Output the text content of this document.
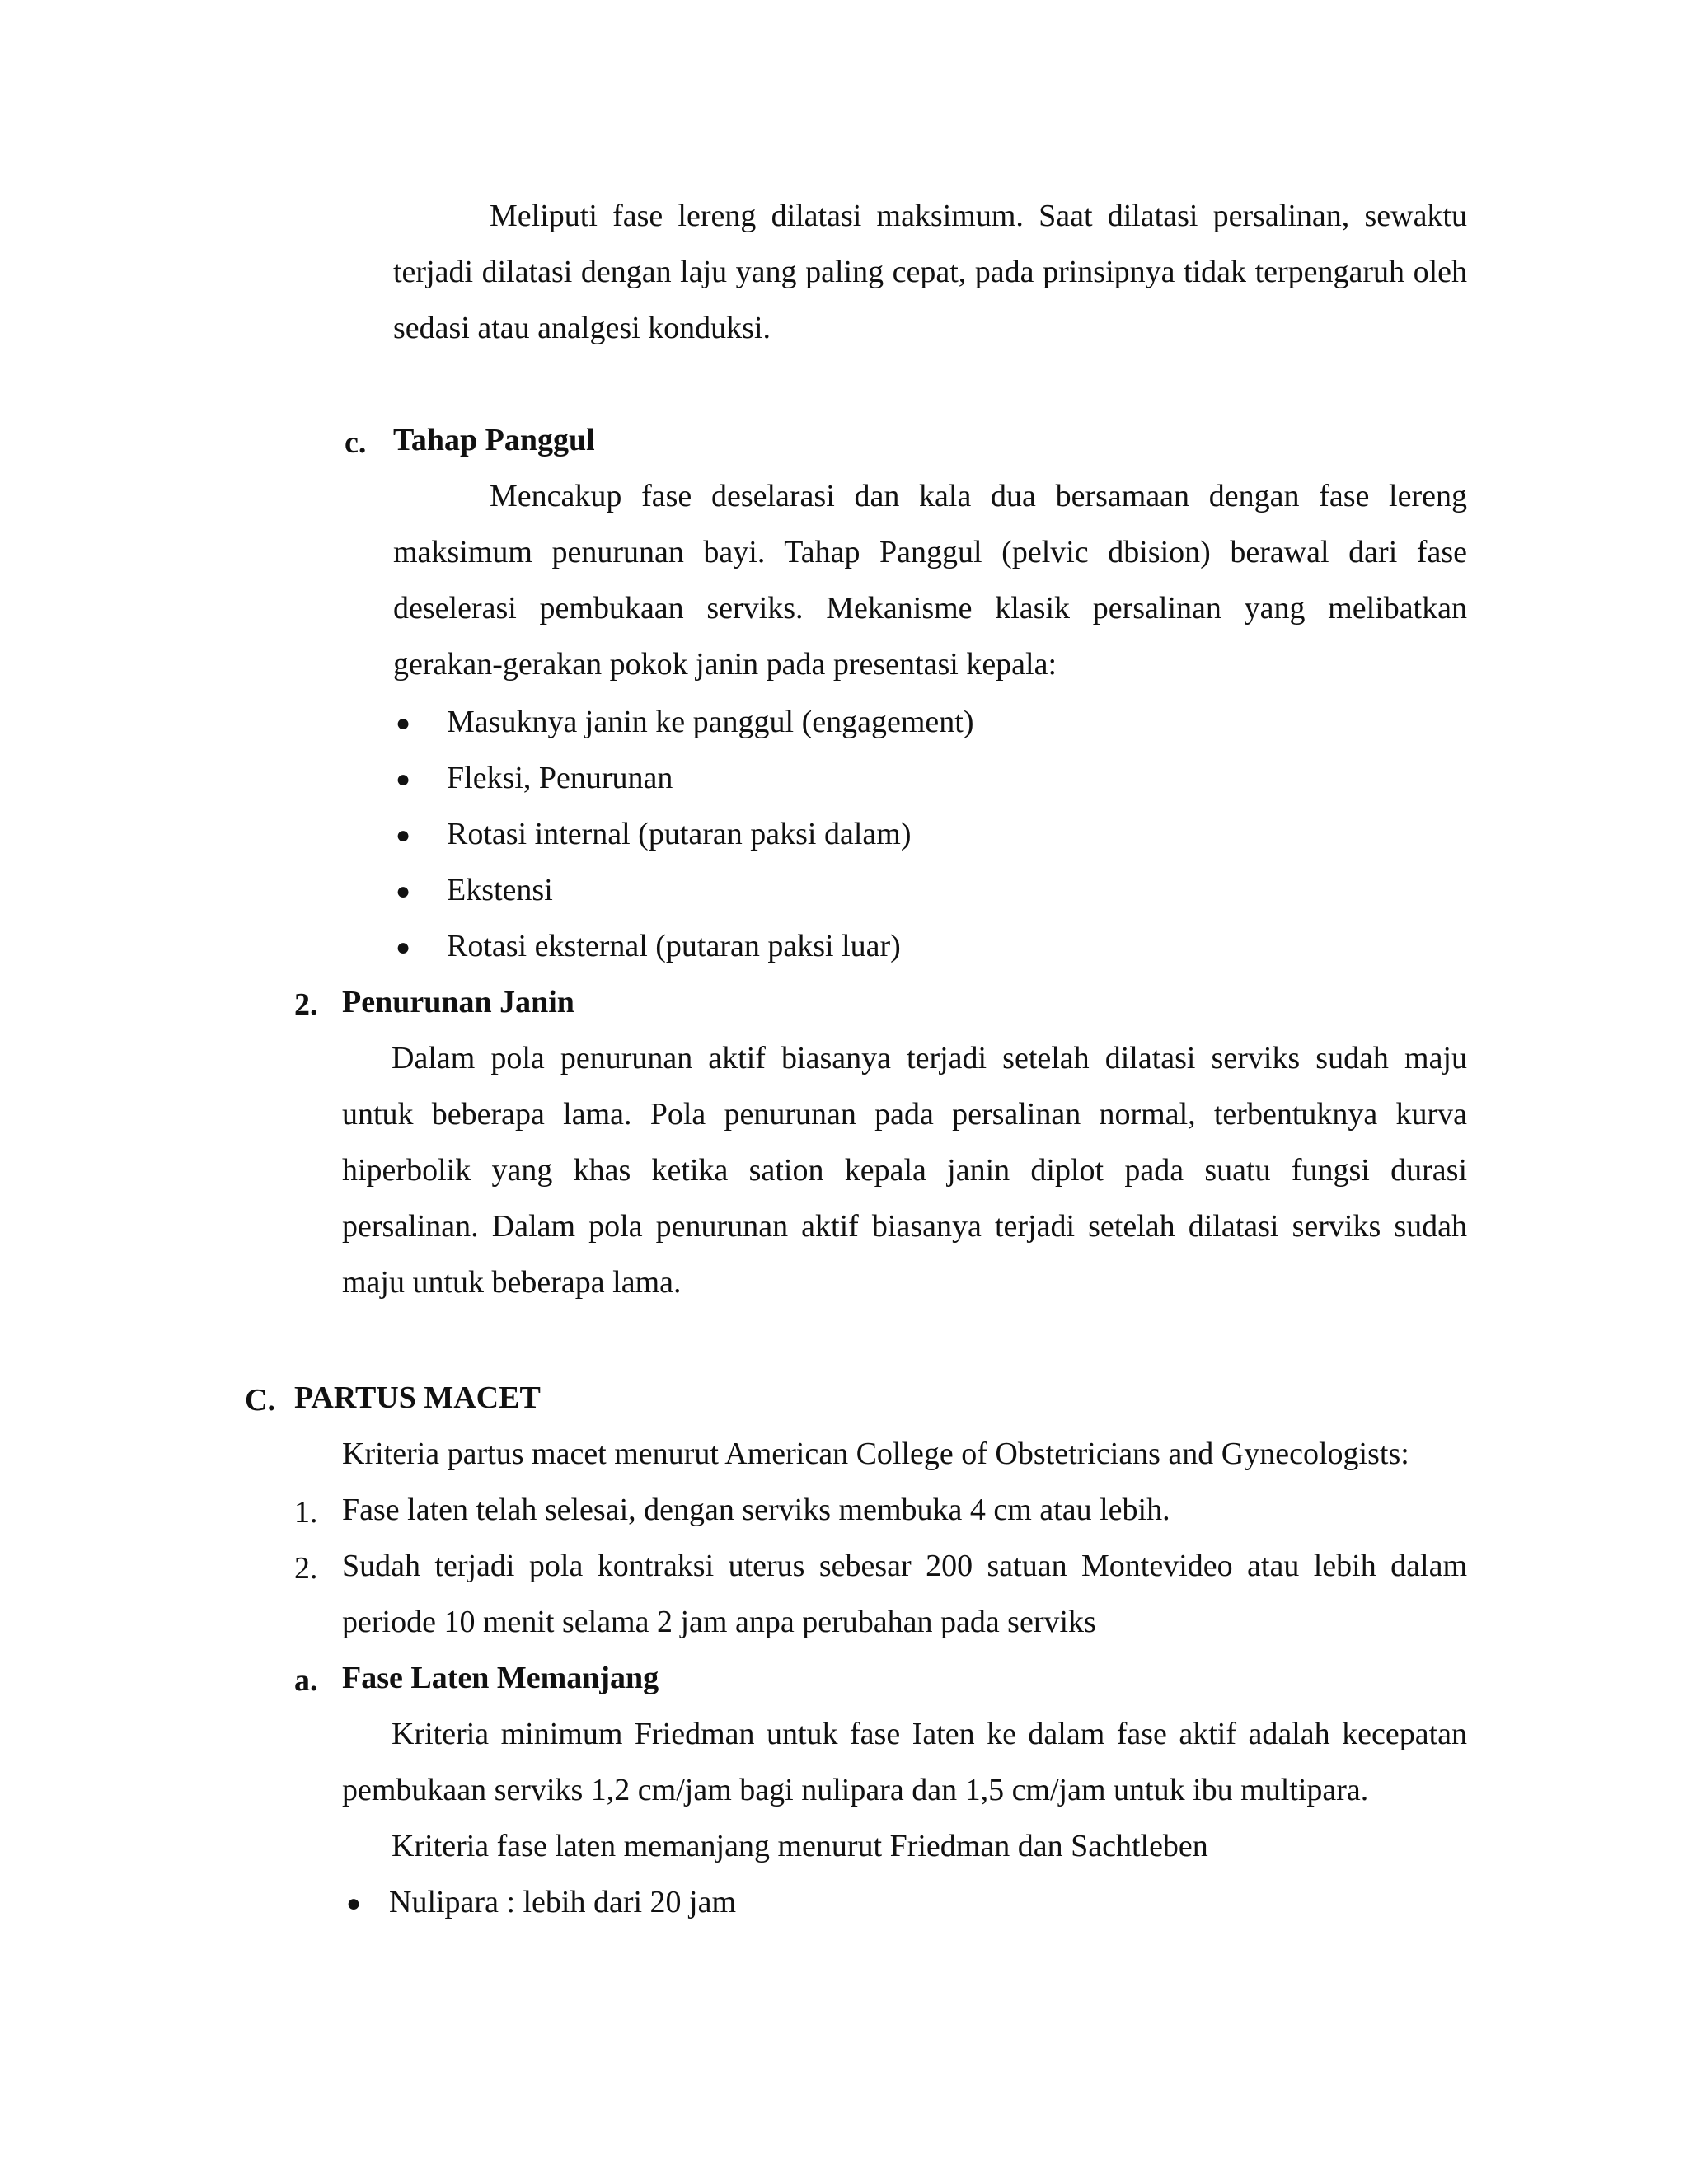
Meliputi fase lereng dilatasi maksimum. Saat dilatasi persalinan, sewaktu terjadi dilatasi dengan laju yang paling cepat, pada prinsipnya tidak terpengaruh oleh sedasi atau analgesi konduksi.
c. Tahap Panggul
Mencakup fase deselarasi dan kala dua bersamaan dengan fase lereng maksimum penurunan bayi. Tahap Panggul (pelvic dbision) berawal dari fase deselerasi pembukaan serviks. Mekanisme klasik persalinan yang melibatkan gerakan-gerakan pokok janin pada presentasi kepala:
● Masuknya janin ke panggul (engagement)
● Fleksi, Penurunan
● Rotasi internal (putaran paksi dalam)
● Ekstensi
● Rotasi eksternal (putaran paksi luar)
2. Penurunan Janin
Dalam pola penurunan aktif biasanya terjadi setelah dilatasi serviks sudah maju untuk beberapa lama. Pola penurunan pada persalinan normal, terbentuknya kurva hiperbolik yang khas ketika sation kepala janin diplot pada suatu fungsi durasi persalinan. Dalam pola penurunan aktif biasanya terjadi setelah dilatasi serviks sudah maju untuk beberapa lama.
C. PARTUS MACET
Kriteria partus macet menurut American College of Obstetricians and Gynecologists:
1. Fase laten telah selesai, dengan serviks membuka 4 cm atau lebih.
2. Sudah terjadi pola kontraksi uterus sebesar 200 satuan Montevideo atau lebih dalam periode 10 menit selama 2 jam anpa perubahan pada serviks
a. Fase Laten Memanjang
Kriteria minimum Friedman untuk fase Iaten ke dalam fase aktif adalah kecepatan pembukaan serviks 1,2 cm/jam bagi nulipara dan 1,5 cm/jam untuk ibu multipara.
Kriteria fase laten memanjang menurut Friedman dan Sachtleben
● Nulipara : lebih dari 20 jam
